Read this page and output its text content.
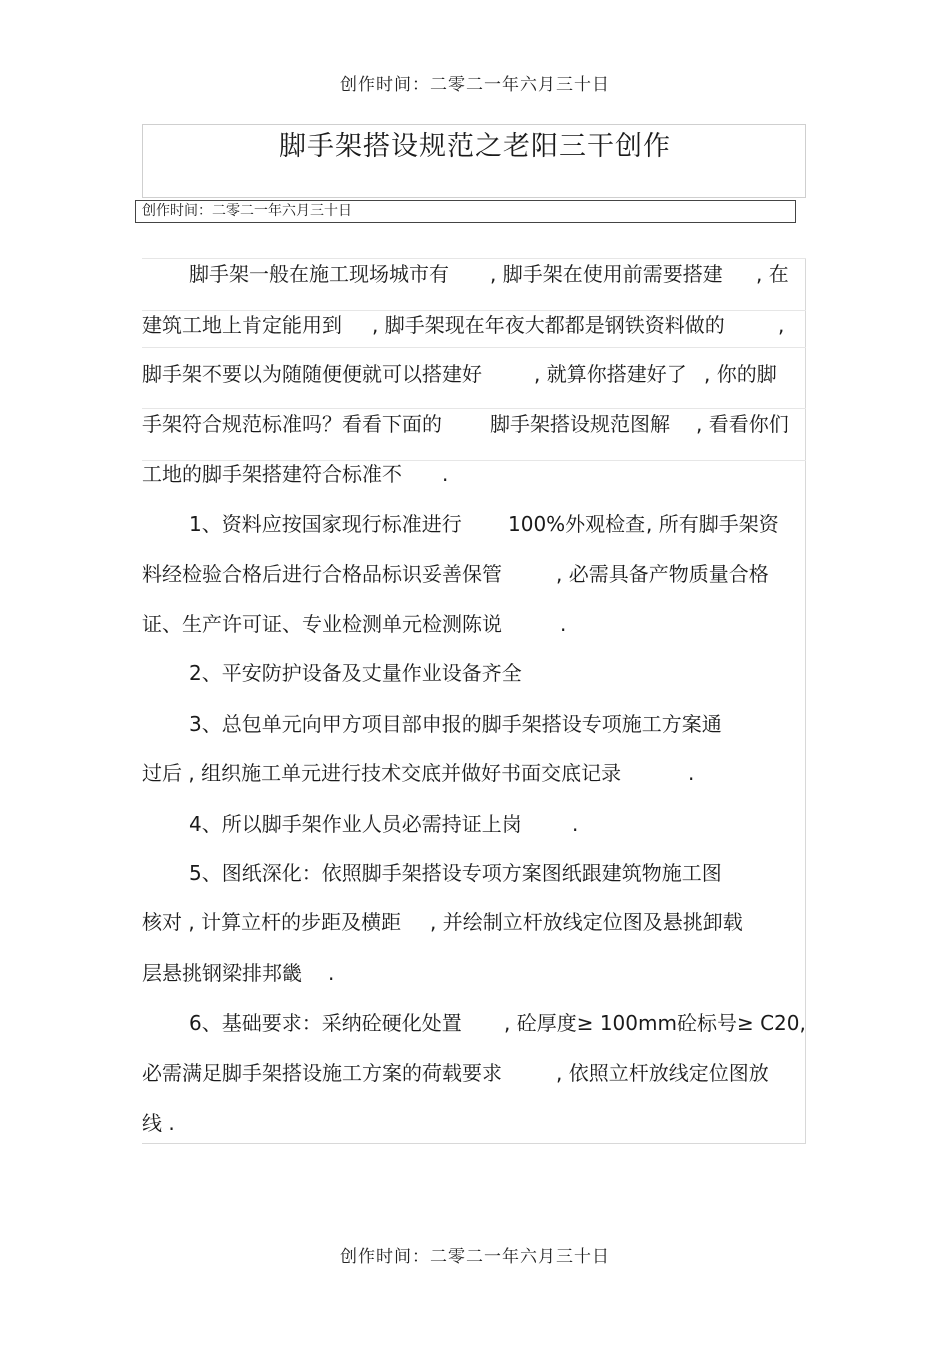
创作时间：二零二一年六月三十日
脚手架搭设规范之老阳三干创作
创作时间：二零二一年六月三十日

脚手架一般在施工现场城市有

, 脚手架在使用前需要搭建

, 在

建筑工地上肯定能用到

, 脚手架现在年夜大都都是钢铁资料做的

	,

脚手架不要以为随随便便就可以搭建好

	, 就算你搭建好了

, 你的脚

手架符合规范标准吗？看看下面的

脚手架搭设规范图解

, 看看你们

工地的脚手架搭建符合标准不

.

1、资料应按国家现行标准进行

100%外观检查

, 所有脚手架资

料经检验合格后进行合格品标识妥善保管

	, 必需具备产物质量合格

证、生产许可证、专业检测单元检测陈说

	.

2、平安防护设备及丈量作业设备齐全
3、总包单元向甲方项目部申报的脚手架搭设专项施工方案通

过后 , 组织施工单元进行技术交底并做好书面交底记录

	.

4、所以脚手架作业人员必需持证上岗

	.

5、图纸深化：依照脚手架搭设专项方案图纸跟建筑物施工图

核对 , 计算立杆的步距及横距

, 并绘制立杆放线定位图及悬挑卸载

层悬挑钢梁排邦畿

.

6、基础要求：采纳砼硬化处置

, 砼厚度≥ 100mm砼标号≥ C20,

必需满足脚手架搭设施工方案的荷载要求

	, 依照立杆放线定位图放

线 .
创作时间：二零二一年六月三十日
